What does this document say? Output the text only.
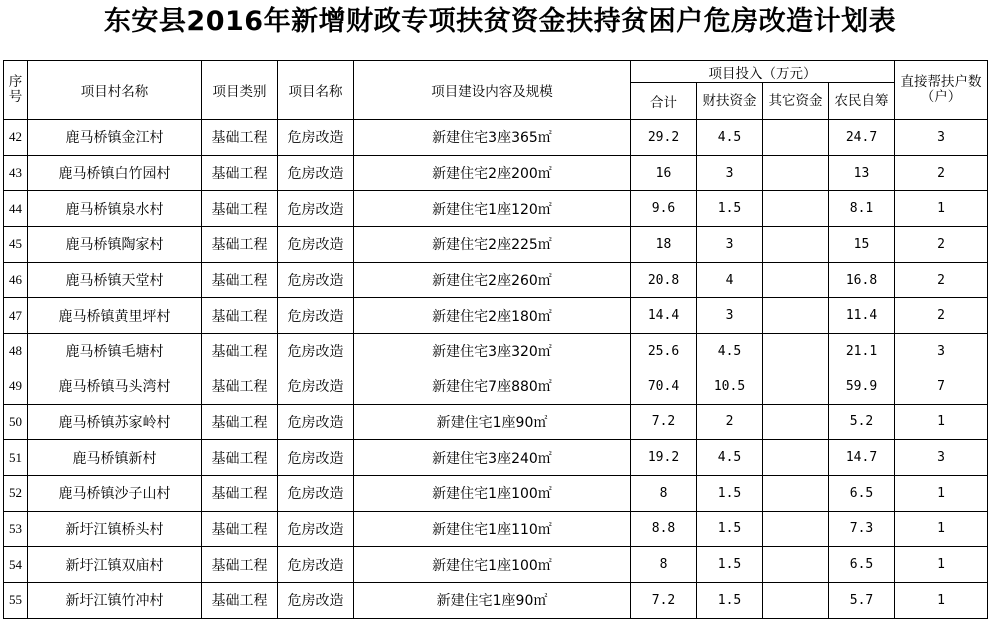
东安县2016年新增财政专项扶贫资金扶持贫困户危房改造计划表
序号	项目村名称	项目类别	项目名称	项目建设内容及规模	项目投入（万元）				直接帮扶户数（户）
					合计	财扶资金	其它资金	农民自筹	
42	鹿马桥镇金江村	基础工程	危房改造	新建住宅3座365㎡	29.2	4.5		24.7	3
43	鹿马桥镇白竹园村	基础工程	危房改造	新建住宅2座200㎡	16	3		13	2
44	鹿马桥镇泉水村	基础工程	危房改造	新建住宅1座120㎡	9.6	1.5		8.1	1
45	鹿马桥镇陶家村	基础工程	危房改造	新建住宅2座225㎡	18	3		15	2
46	鹿马桥镇天堂村	基础工程	危房改造	新建住宅2座260㎡	20.8	4		16.8	2
47	鹿马桥镇黄里坪村	基础工程	危房改造	新建住宅2座180㎡	14.4	3		11.4	2
48	鹿马桥镇毛塘村	基础工程	危房改造	新建住宅3座320㎡	25.6	4.5		21.1	3
49	鹿马桥镇马头湾村	基础工程	危房改造	新建住宅7座880㎡	70.4	10.5		59.9	7
50	鹿马桥镇苏家岭村	基础工程	危房改造	新建住宅1座90㎡	7.2	2		5.2	1
51	鹿马桥镇新村	基础工程	危房改造	新建住宅3座240㎡	19.2	4.5		14.7	3
52	鹿马桥镇沙子山村	基础工程	危房改造	新建住宅1座100㎡	8	1.5		6.5	1
53	新圩江镇桥头村	基础工程	危房改造	新建住宅1座110㎡	8.8	1.5		7.3	1
54	新圩江镇双庙村	基础工程	危房改造	新建住宅1座100㎡	8	1.5		6.5	1
55	新圩江镇竹冲村	基础工程	危房改造	新建住宅1座90㎡	7.2	1.5		5.7	1
